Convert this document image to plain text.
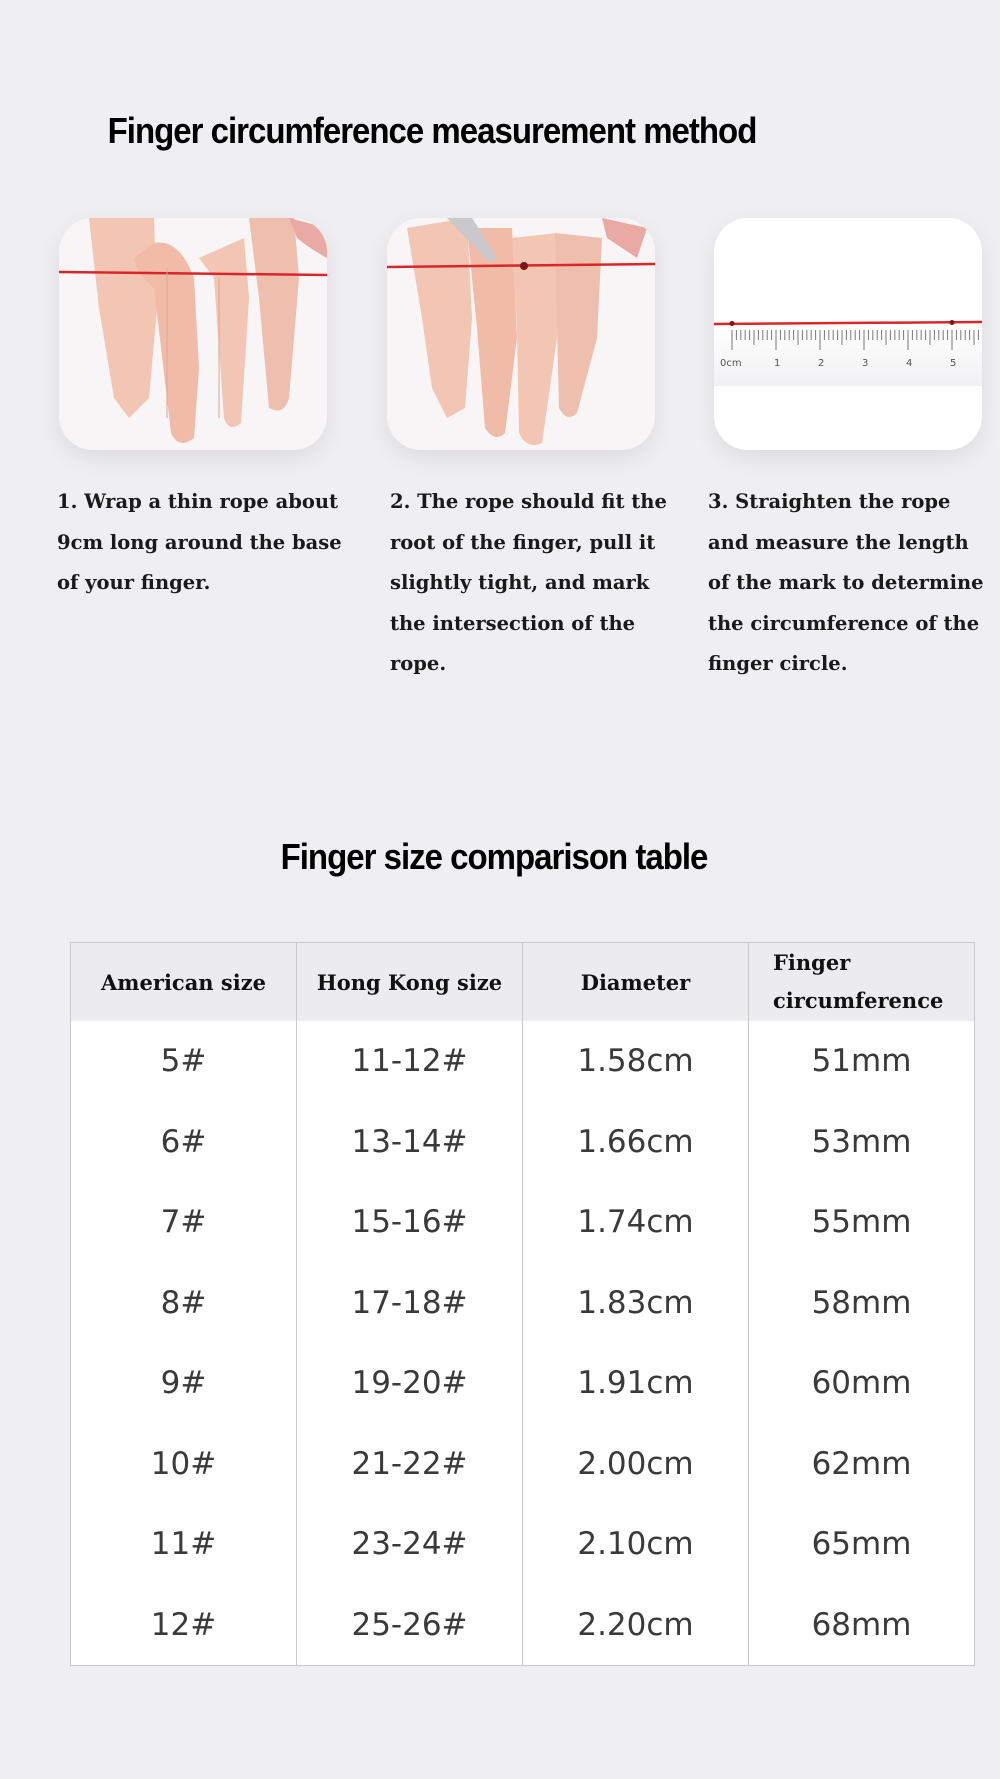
Finger circumference measurement method
0cm	1	2	3	4	5
1. Wrap a thin rope about 9cm long around the base of your finger.
2. The rope should fit the root of the finger, pull it slightly tight, and mark the intersection of the rope.
3. Straighten the rope and measure the length of the mark to determine the circumference of the finger circle.
Finger size comparison table
American size	Hong Kong size	Diameter	Finger circumference
5#	11-12#	1.58cm	51mm
6#	13-14#	1.66cm	53mm
7#	15-16#	1.74cm	55mm
8#	17-18#	1.83cm	58mm
9#	19-20#	1.91cm	60mm
10#	21-22#	2.00cm	62mm
11#	23-24#	2.10cm	65mm
12#	25-26#	2.20cm	68mm
